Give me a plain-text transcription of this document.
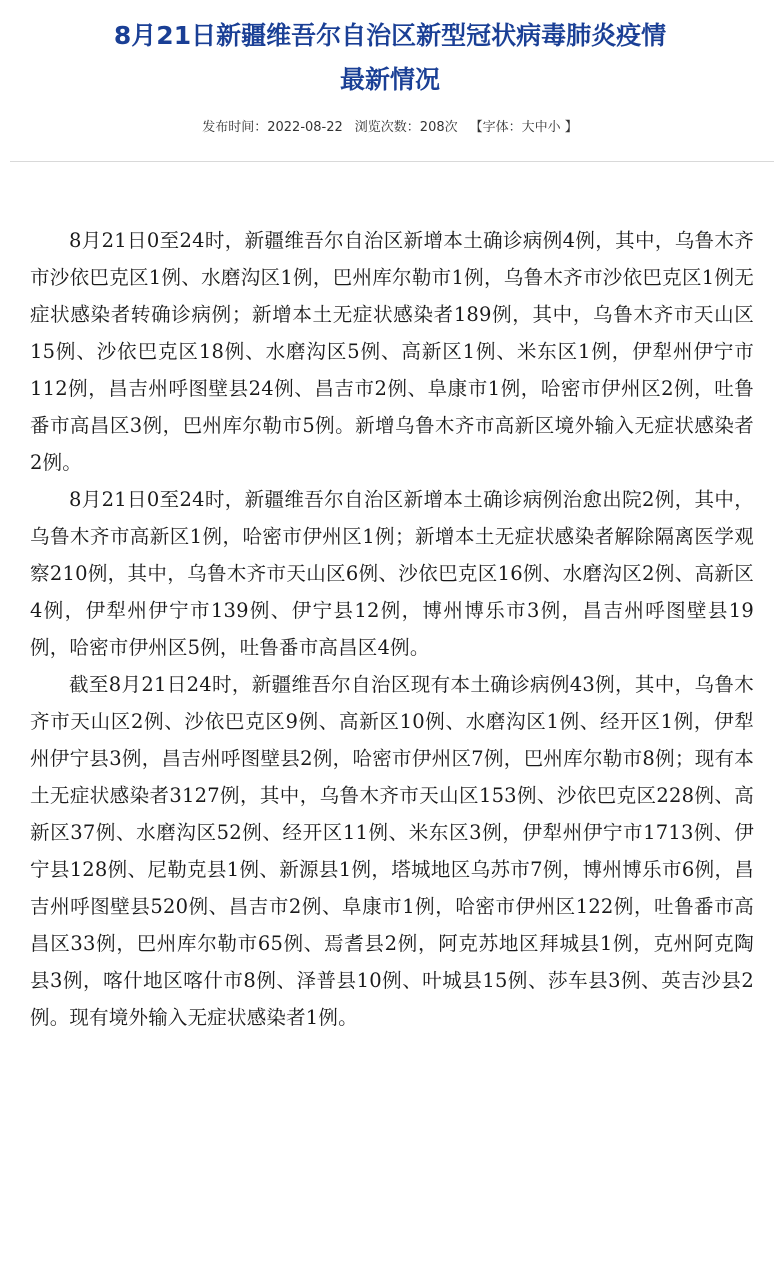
8月21日新疆维吾尔自治区新型冠状病毒肺炎疫情
最新情况
发布时间：2022-08-22 浏览次数：208次 【字体：大中小 】

8月21日0至24时，新疆维吾尔自治区新增本土确诊病例4例，其中，乌鲁木齐市沙依巴克区1例、水磨沟区1例，巴州库尔勒市1例，乌鲁木齐市沙依巴克区1例无症状感染者转确诊病例；新增本土无症状感染者189例，其中，乌鲁木齐市天山区15例、沙依巴克区18例、水磨沟区5例、高新区1例、米东区1例，伊犁州伊宁市112例，昌吉州呼图壁县24例、昌吉市2例、阜康市1例，哈密市伊州区2例，吐鲁番市高昌区3例，巴州库尔勒市5例。新增乌鲁木齐市高新区境外输入无症状感染者2例。

8月21日0至24时，新疆维吾尔自治区新增本土确诊病例治愈出院2例，其中，乌鲁木齐市高新区1例，哈密市伊州区1例；新增本土无症状感染者解除隔离医学观察210例，其中，乌鲁木齐市天山区6例、沙依巴克区16例、水磨沟区2例、高新区4例，伊犁州伊宁市139例、伊宁县12例，博州博乐市3例，昌吉州呼图壁县19例，哈密市伊州区5例，吐鲁番市高昌区4例。

截至8月21日24时，新疆维吾尔自治区现有本土确诊病例43例，其中，乌鲁木齐市天山区2例、沙依巴克区9例、高新区10例、水磨沟区1例、经开区1例，伊犁州伊宁县3例，昌吉州呼图壁县2例，哈密市伊州区7例，巴州库尔勒市8例；现有本土无症状感染者3127例，其中，乌鲁木齐市天山区153例、沙依巴克区228例、高新区37例、水磨沟区52例、经开区11例、米东区3例，伊犁州伊宁市1713例、伊宁县128例、尼勒克县1例、新源县1例，塔城地区乌苏市7例，博州博乐市6例，昌吉州呼图壁县520例、昌吉市2例、阜康市1例，哈密市伊州区122例，吐鲁番市高昌区33例，巴州库尔勒市65例、焉耆县2例，阿克苏地区拜城县1例，克州阿克陶县3例，喀什地区喀什市8例、泽普县10例、叶城县15例、莎车县3例、英吉沙县2例。现有境外输入无症状感染者1例。
